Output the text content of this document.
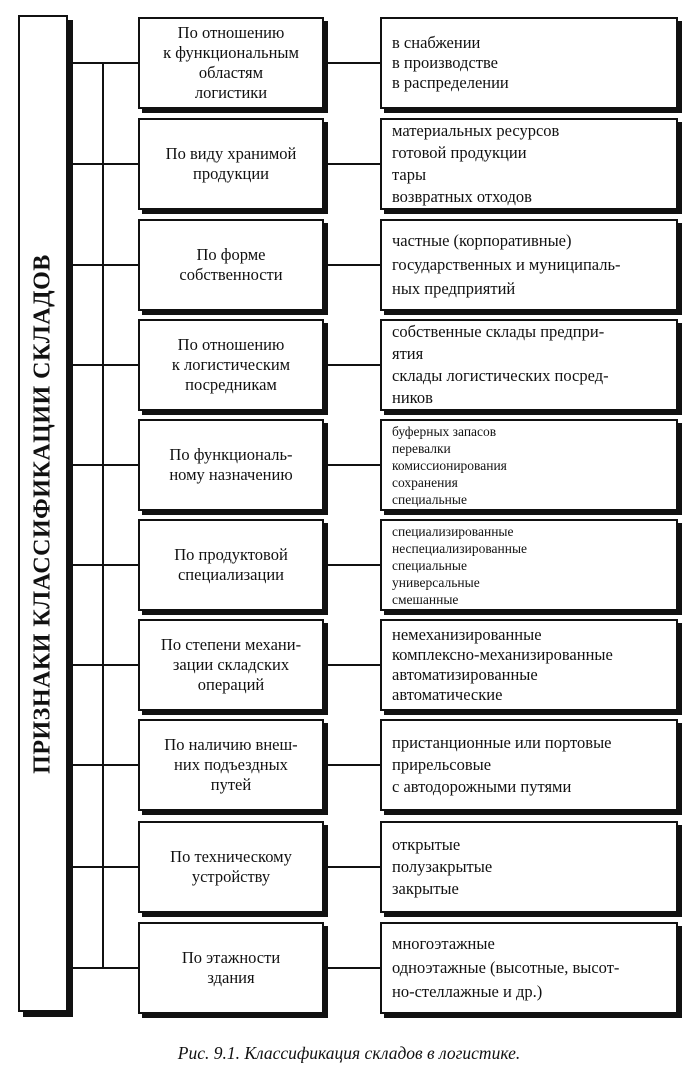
ПРИЗНАКИ КЛАССИФИКАЦИИ СКЛАДОВ
По отношению
к функциональным
областям
логистики
в снабжении
в производстве
в распределении
По виду хранимой
продукции
материальных ресурсов
готовой продукции
тары
возвратных отходов
По форме
собственности
частные (корпоративные)
государственных и муниципаль-
ных предприятий
По отношению
к логистическим
посредникам
собственные склады предпри-
ятия
склады логистических посред-
ников
По функциональ-
ному назначению
буферных запасов
перевалки
комиссионирования
сохранения
специальные
По продуктовой
специализации
специализированные
неспециализированные
специальные
универсальные
смешанные
По степени механи-
зации складских
операций
немеханизированные
комплексно-механизированные
автоматизированные
автоматические
По наличию внеш-
них подъездных
путей
пристанционные или портовые
прирельсовые
с автодорожными путями
По техническому
устройству
открытые
полузакрытые
закрытые
По этажности
здания
многоэтажные
одноэтажные (высотные, высот-
но-стеллажные и др.)
Рис. 9.1. Классификация складов в логистике.
